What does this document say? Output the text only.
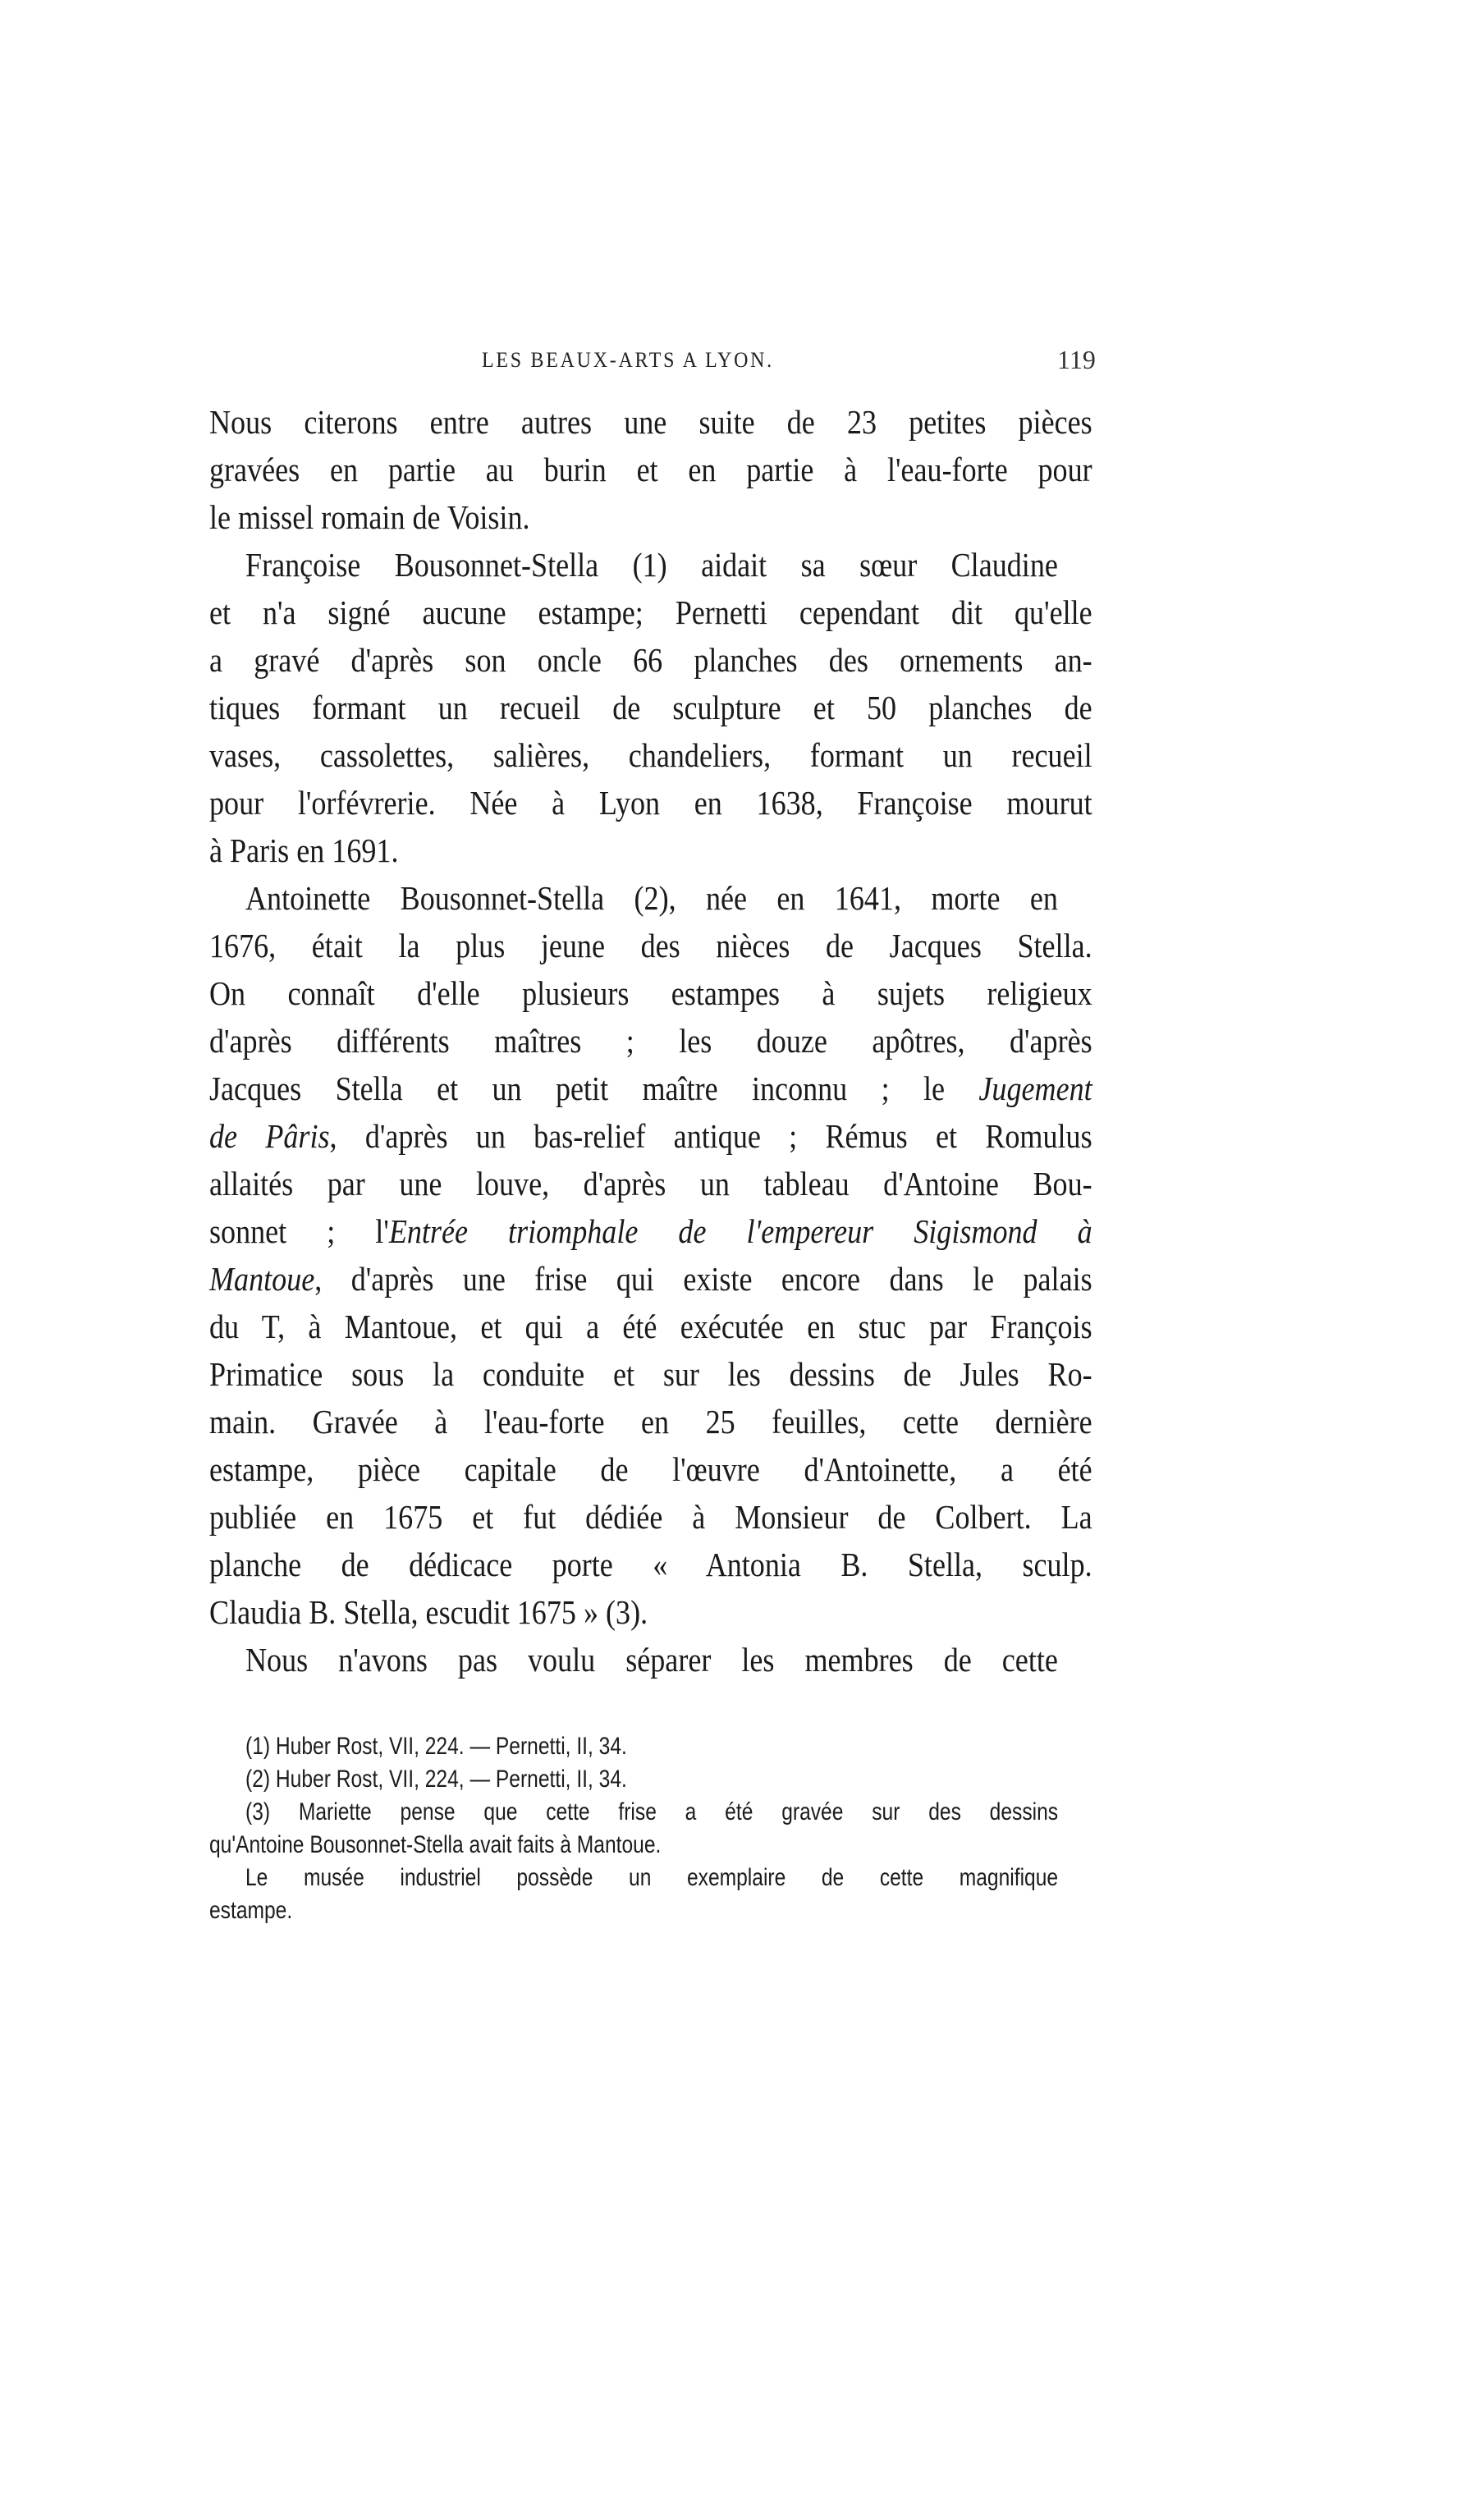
LES BEAUX-ARTS A LYON.	119
Nous citerons entre autres une suite de 23 petites pièces
gravées en partie au burin et en partie à l'eau-forte pour
le missel romain de Voisin.
Françoise Bousonnet-Stella (1) aidait sa sœur Claudine
et n'a signé aucune estampe; Pernetti cependant dit qu'elle
a gravé d'après son oncle 66 planches des ornements an-
tiques formant un recueil de sculpture et 50 planches de
vases, cassolettes, salières, chandeliers, formant un recueil
pour l'orfévrerie. Née à Lyon en 1638, Françoise mourut
à Paris en 1691.
Antoinette Bousonnet-Stella (2), née en 1641, morte en
1676, était la plus jeune des nièces de Jacques Stella.
On connaît d'elle plusieurs estampes à sujets religieux
d'après différents maîtres ; les douze apôtres, d'après
Jacques Stella et un petit maître inconnu ; le Jugement
de Pâris, d'après un bas-relief antique ; Rémus et Romulus
allaités par une louve, d'après un tableau d'Antoine Bou-
sonnet ; l'Entrée triomphale de l'empereur Sigismond à
Mantoue, d'après une frise qui existe encore dans le palais
du T, à Mantoue, et qui a été exécutée en stuc par François
Primatice sous la conduite et sur les dessins de Jules Ro-
main. Gravée à l'eau-forte en 25 feuilles, cette dernière
estampe, pièce capitale de l'œuvre d'Antoinette, a été
publiée en 1675 et fut dédiée à Monsieur de Colbert. La
planche de dédicace porte « Antonia B. Stella, sculp.
Claudia B. Stella, escudit 1675 » (3).
Nous n'avons pas voulu séparer les membres de cette
(1) Huber Rost, VII, 224. — Pernetti, II, 34.
(2) Huber Rost, VII, 224, — Pernetti, II, 34.
(3) Mariette pense que cette frise a été gravée sur des dessins
qu'Antoine Bousonnet-Stella avait faits à Mantoue.
Le musée industriel possède un exemplaire de cette magnifique
estampe.
